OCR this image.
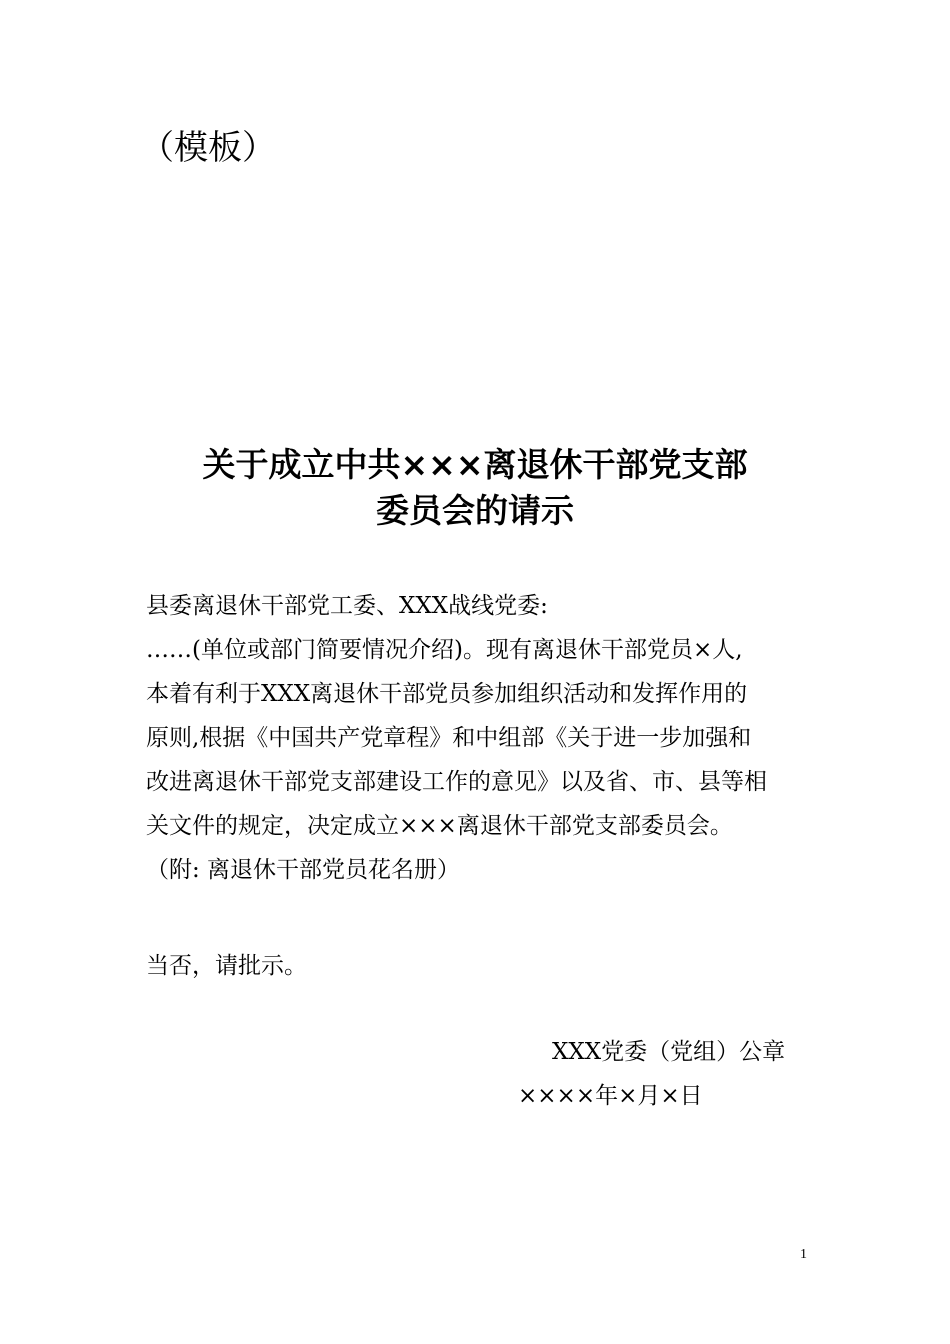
（模板）
关于成立中共×××离退休干部党支部
委员会的请示
县委离退休干部党工委、XXX战线党委:
……(单位或部门简要情况介绍)。现有离退休干部党员×人,
本着有利于XXX离退休干部党员参加组织活动和发挥作用的
原则,根据《中国共产党章程》和中组部《关于进一步加强和
改进离退休干部党支部建设工作的意见》以及省、市、县等相
关文件的规定，决定成立×××离退休干部党支部委员会。
（附: 离退休干部党员花名册）
当否，请批示。
XXX党委（党组）公章
××××年×月×日
1
